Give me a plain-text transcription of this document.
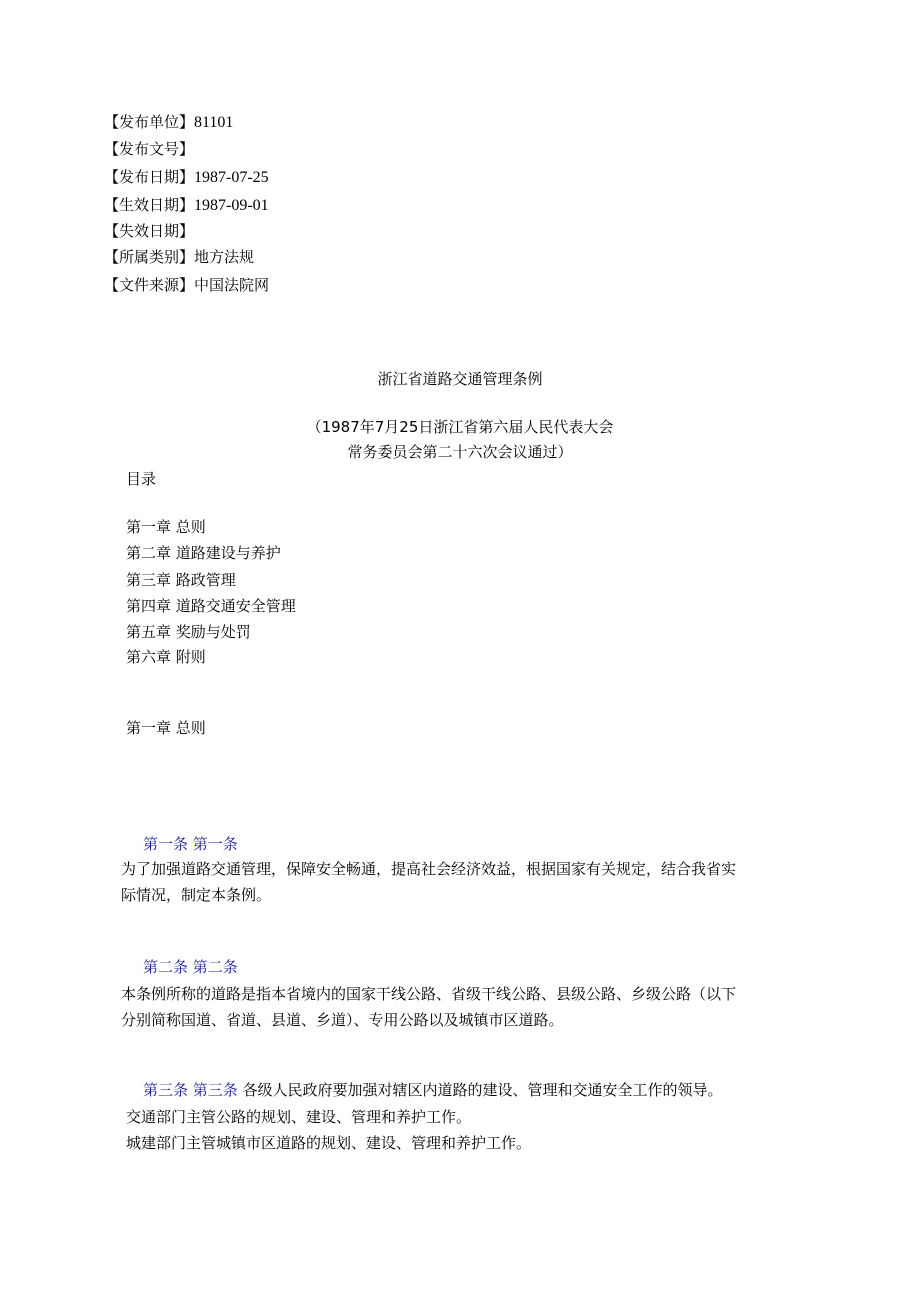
【发布单位】81101
【发布文号】
【发布日期】1987-07-25
【生效日期】1987-09-01
【失效日期】
【所属类别】地方法规
【文件来源】中国法院网
浙江省道路交通管理条例
（1987年7月25日浙江省第六届人民代表大会
常务委员会第二十六次会议通过）
目录
第一章 总则
第二章 道路建设与养护
第三章 路政管理
第四章 道路交通安全管理
第五章 奖励与处罚
第六章 附则
第一章 总则
第一条 第一条
为了加强道路交通管理，保障安全畅通，提高社会经济效益，根据国家有关规定，结合我省实
际情况，制定本条例。
第二条 第二条
本条例所称的道路是指本省境内的国家干线公路、省级干线公路、县级公路、乡级公路（以下
分别简称国道、省道、县道、乡道）、专用公路以及城镇市区道路。
第三条 第三条 各级人民政府要加强对辖区内道路的建设、管理和交通安全工作的领导。
交通部门主管公路的规划、建设、管理和养护工作。
城建部门主管城镇市区道路的规划、建设、管理和养护工作。
